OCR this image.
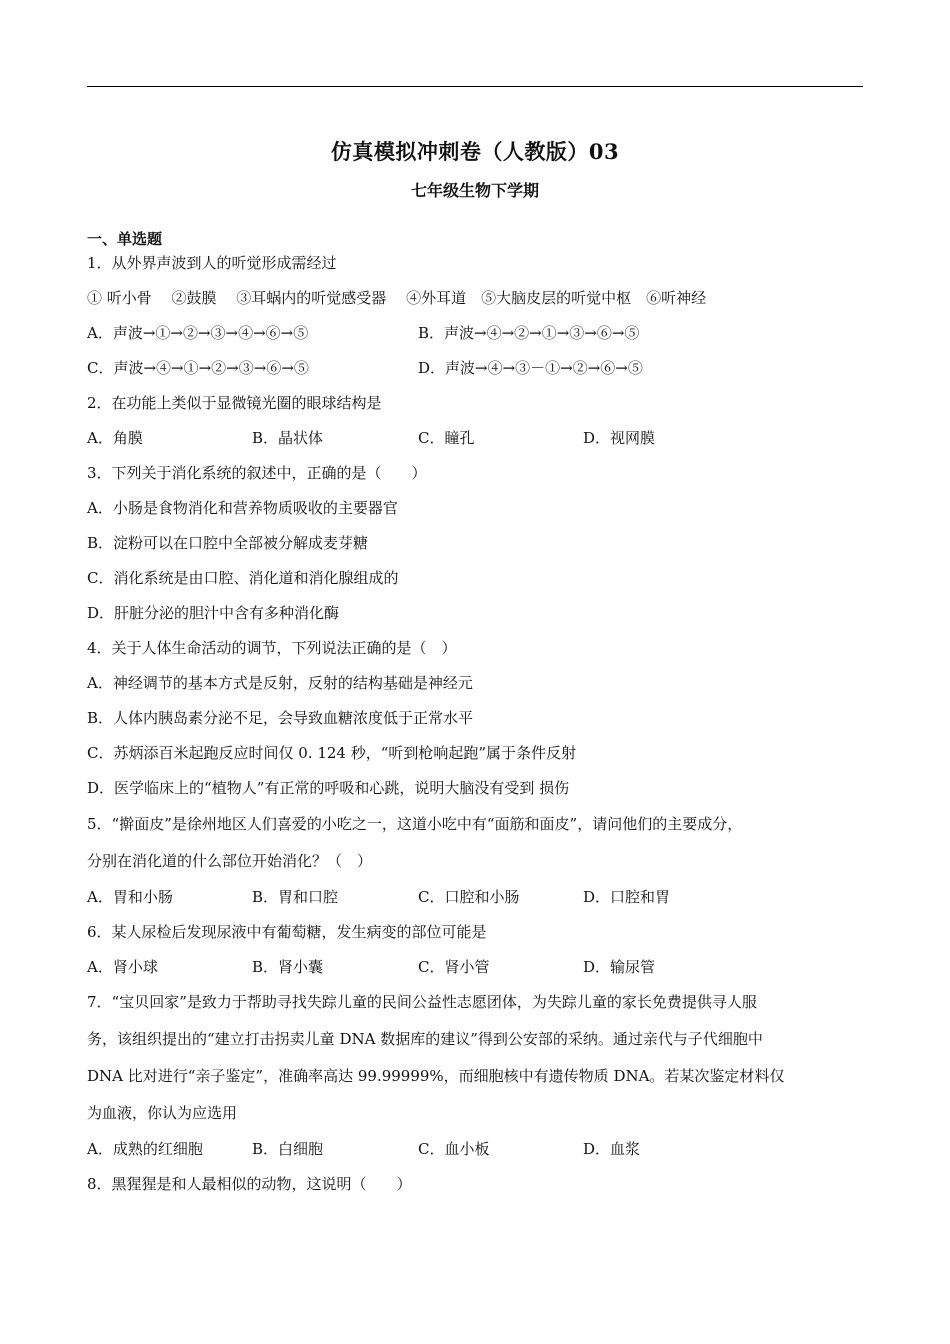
仿真模拟冲刺卷（人教版）03
七年级生物下学期
一、单选题
1．从外界声波到人的听觉形成需经过
① 听小骨　 ②鼓膜　 ③耳蜗内的听觉感受器　 ④外耳道　⑤大脑皮层的听觉中枢　⑥听神经
A．声波→①→②→③→④→⑥→⑤	B．声波→④→②→①→③→⑥→⑤
C．声波→④→①→②→③→⑥→⑤	D．声波→④→③－①→②→⑥→⑤
2．在功能上类似于显微镜光圈的眼球结构是
A．角膜	B．晶状体	C．瞳孔	D．视网膜
3．下列关于消化系统的叙述中，正确的是（　　）
A．小肠是食物消化和营养物质吸收的主要器官
B．淀粉可以在口腔中全部被分解成麦芽糖
C．消化系统是由口腔、消化道和消化腺组成的
D．肝脏分泌的胆汁中含有多种消化酶
4．关于人体生命活动的调节，下列说法正确的是（　）
A．神经调节的基本方式是反射，反射的结构基础是神经元
B．人体内胰岛素分泌不足，会导致血糖浓度低于正常水平
C．苏炳添百米起跑反应时间仅 0. 124 秒，“听到枪响起跑”属于条件反射
D．医学临床上的“植物人”有正常的呼吸和心跳，说明大脑没有受到 损伤
5．“擀面皮”是徐州地区人们喜爱的小吃之一，这道小吃中有“面筋和面皮”，请问他们的主要成分，
分别在消化道的什么部位开始消化？（　）
A．胃和小肠	B．胃和口腔	C．口腔和小肠	D．口腔和胃
6．某人尿检后发现尿液中有葡萄糖，发生病变的部位可能是
A．肾小球	B．肾小囊	C．肾小管	D．输尿管
7．“宝贝回家”是致力于帮助寻找失踪儿童的民间公益性志愿团体，为失踪儿童的家长免费提供寻人服
务，该组织提出的“建立打击拐卖儿童 DNA 数据库的建议”得到公安部的采纳。通过亲代与子代细胞中
DNA 比对进行“亲子鉴定”，准确率高达 99.99999%，而细胞核中有遗传物质 DNA。若某次鉴定材料仅
为血液，你认为应选用
A．成熟的红细胞	B．白细胞	C．血小板	D．血浆
8．黑猩猩是和人最相似的动物，这说明（　　）
